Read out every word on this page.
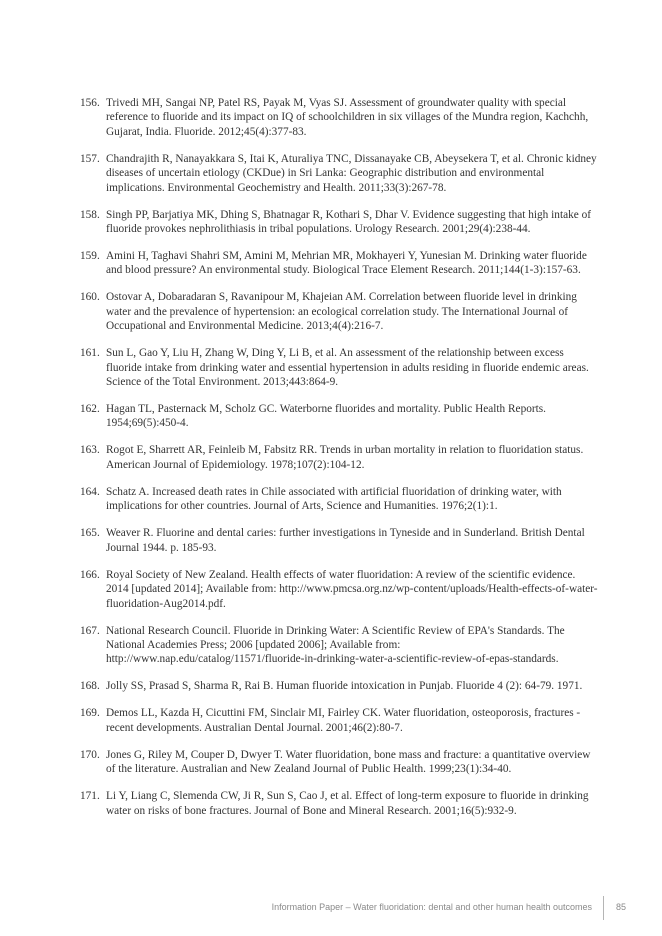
156. Trivedi MH, Sangai NP, Patel RS, Payak M, Vyas SJ. Assessment of groundwater quality with special reference to fluoride and its impact on IQ of schoolchildren in six villages of the Mundra region, Kachchh, Gujarat, India. Fluoride. 2012;45(4):377-83.
157. Chandrajith R, Nanayakkara S, Itai K, Aturaliya TNC, Dissanayake CB, Abeysekera T, et al. Chronic kidney diseases of uncertain etiology (CKDue) in Sri Lanka: Geographic distribution and environmental implications. Environmental Geochemistry and Health. 2011;33(3):267-78.
158. Singh PP, Barjatiya MK, Dhing S, Bhatnagar R, Kothari S, Dhar V. Evidence suggesting that high intake of fluoride provokes nephrolithiasis in tribal populations. Urology Research. 2001;29(4):238-44.
159. Amini H, Taghavi Shahri SM, Amini M, Mehrian MR, Mokhayeri Y, Yunesian M. Drinking water fluoride and blood pressure? An environmental study. Biological Trace Element Research. 2011;144(1-3):157-63.
160. Ostovar A, Dobaradaran S, Ravanipour M, Khajeian AM. Correlation between fluoride level in drinking water and the prevalence of hypertension: an ecological correlation study. The International Journal of Occupational and Environmental Medicine. 2013;4(4):216-7.
161. Sun L, Gao Y, Liu H, Zhang W, Ding Y, Li B, et al. An assessment of the relationship between excess fluoride intake from drinking water and essential hypertension in adults residing in fluoride endemic areas. Science of the Total Environment. 2013;443:864-9.
162. Hagan TL, Pasternack M, Scholz GC. Waterborne fluorides and mortality. Public Health Reports. 1954;69(5):450-4.
163. Rogot E, Sharrett AR, Feinleib M, Fabsitz RR. Trends in urban mortality in relation to fluoridation status. American Journal of Epidemiology. 1978;107(2):104-12.
164. Schatz A. Increased death rates in Chile associated with artificial fluoridation of drinking water, with implications for other countries. Journal of Arts, Science and Humanities. 1976;2(1):1.
165. Weaver R. Fluorine and dental caries: further investigations in Tyneside and in Sunderland. British Dental Journal 1944. p. 185-93.
166. Royal Society of New Zealand. Health effects of water fluoridation: A review of the scientific evidence. 2014 [updated 2014]; Available from: http://www.pmcsa.org.nz/wp-content/uploads/Health-effects-of-water-fluoridation-Aug2014.pdf.
167. National Research Council. Fluoride in Drinking Water: A Scientific Review of EPA's Standards. The National Academies Press; 2006 [updated 2006]; Available from: http://www.nap.edu/catalog/11571/fluoride-in-drinking-water-a-scientific-review-of-epas-standards.
168. Jolly SS, Prasad S, Sharma R, Rai B. Human fluoride intoxication in Punjab. Fluoride 4 (2): 64-79. 1971.
169. Demos LL, Kazda H, Cicuttini FM, Sinclair MI, Fairley CK. Water fluoridation, osteoporosis, fractures - recent developments. Australian Dental Journal. 2001;46(2):80-7.
170. Jones G, Riley M, Couper D, Dwyer T. Water fluoridation, bone mass and fracture: a quantitative overview of the literature. Australian and New Zealand Journal of Public Health. 1999;23(1):34-40.
171. Li Y, Liang C, Slemenda CW, Ji R, Sun S, Cao J, et al. Effect of long-term exposure to fluoride in drinking water on risks of bone fractures. Journal of Bone and Mineral Research. 2001;16(5):932-9.
Information Paper – Water fluoridation: dental and other human health outcomes	85
